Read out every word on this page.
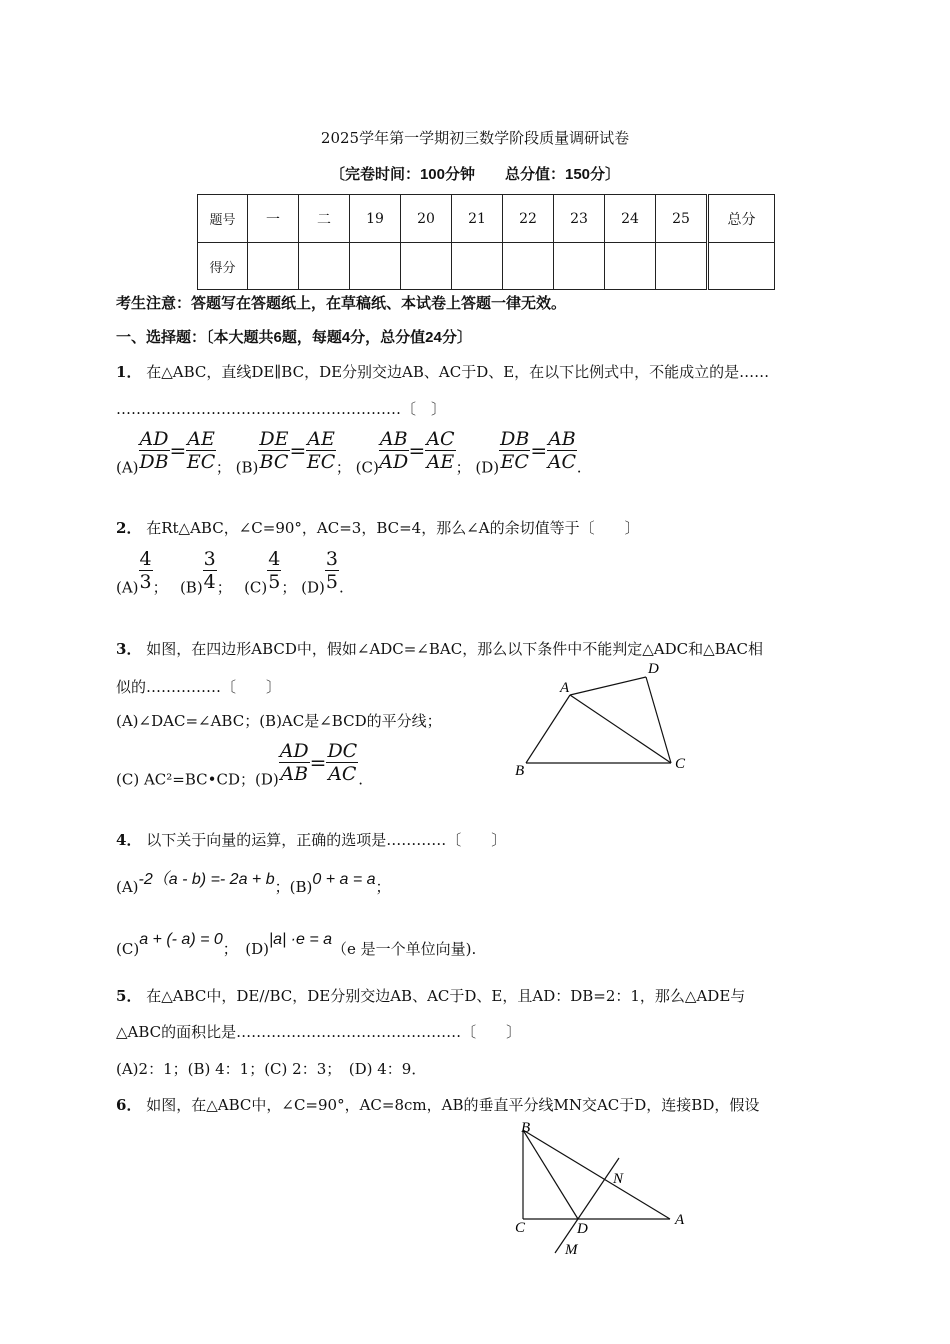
2025学年第一学期初三数学阶段质量调研试卷
〔完卷时间：100分钟　　总分值：150分〕
题号	一	二	19	20	21	22	23	24	25	总分
得分										
考生注意：答题写在答题纸上，在草稿纸、本试卷上答题一律无效。
一、选择题：〔本大题共6题，每题4分，总分值24分〕
1． 在△ABC，直线DE∥BC，DE分别交边AB、AC于D、E，在以下比例式中，不能成立的是……
…………………………………………………〔　〕
$(A) \frac{AD}{DB} = \frac{AE}{EC}$ ； $(B) \frac{DE}{BC} = \frac{AE}{EC}$ ； $(C) \frac{AB}{AD} = \frac{AC}{AE}$ ； $(D) \frac{DB}{EC} = \frac{AB}{AC}$ .
2． 在Rt△ABC，∠C=90°，AC=3，BC=4，那么∠A的余切值等于〔　　〕
$(A) \frac{4}{3}$ ；　 $(B) \frac{3}{4}$ ；　 $(C) \frac{4}{5}$ ； $(D) \frac{3}{5}$ .
3． 如图，在四边形ABCD中，假如∠ADC=∠BAC，那么以下条件中不能判定△ADC和△BAC相
似的……………〔　　〕
(A)∠DAC=∠ABC；(B)AC是∠BCD的平分线；
(C) AC²=BC•CD；$(D) \frac{AD}{AB} = \frac{DC}{AC}$ .
A
D
B	C
4． 以下关于向量的运算，正确的选项是…………〔　　〕
(A)-2（a - b) =- 2a + b；(B)0 + a = a；
(C)a + (- a) = 0；　(D)|a| ·e = a（e 是一个单位向量).
5． 在△ABC中，DE//BC，DE分别交边AB、AC于D、E，且AD：DB=2：1，那么△ADE与
△ABC的面积比是………………………………………〔　　〕
(A)2：1；(B) 4：1；(C) 2：3；　(D) 4：9．
6． 如图，在△ABC中，∠C=90°，AC=8cm，AB的垂直平分线MN交AC于D，连接BD，假设
B
C	D
A
N
M
